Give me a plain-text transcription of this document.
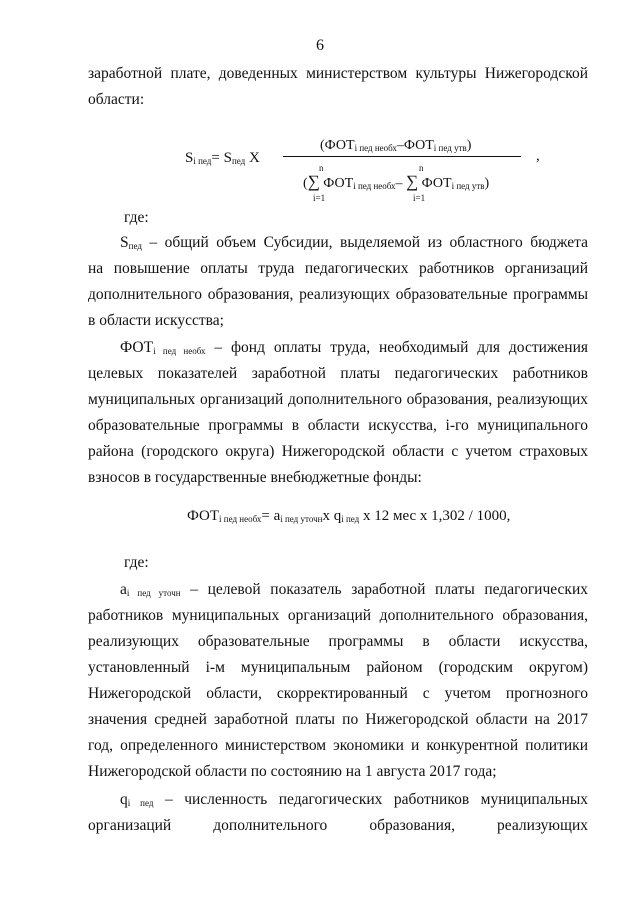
6
заработной плате, доведенных министерством культуры Нижегородской
области:
$S_{i пед}= S_{пед}$ Х
$(ФОТ_{i пед необх}-ФОТ_{i пед утв})$
,
n	n
(∑ $ФОТ_{i пед необх}-$ ∑ $ФОТ_{i пед утв}$)
i=1	i=1
где:
$S_{пед}$ – общий объем Субсидии, выделяемой из областного бюджета
на повышение оплаты труда педагогических работников организаций
дополнительного образования, реализующих образовательные программы
в области искусства;
$ФОТ_{i пед необх}$ – фонд оплаты труда, необходимый для достижения
целевых показателей заработной платы педагогических работников
муниципальных организаций дополнительного образования, реализующих
образовательные программы в области искусства, i-го муниципального
района (городского округа) Нижегородской области с учетом страховых
взносов в государственные внебюджетные фонды:
$ФОТ_{i пед необх}= a_{i пед уточн}х$ $q_{i пед}$ х 12 мес х 1,302 / 1000,
где:
$a_{i пед уточн}$ – целевой показатель заработной платы педагогических
работников муниципальных организаций дополнительного образования,
реализующих образовательные программы в области искусства,
установленный i-м муниципальным районом (городским округом)
Нижегородской области, скорректированный с учетом прогнозного
значения средней заработной платы по Нижегородской области на 2017
год, определенного министерством экономики и конкурентной политики
Нижегородской области по состоянию на 1 августа 2017 года;
$q_{i пед}$ – численность педагогических работников муниципальных
организаций дополнительного образования, реализующих
